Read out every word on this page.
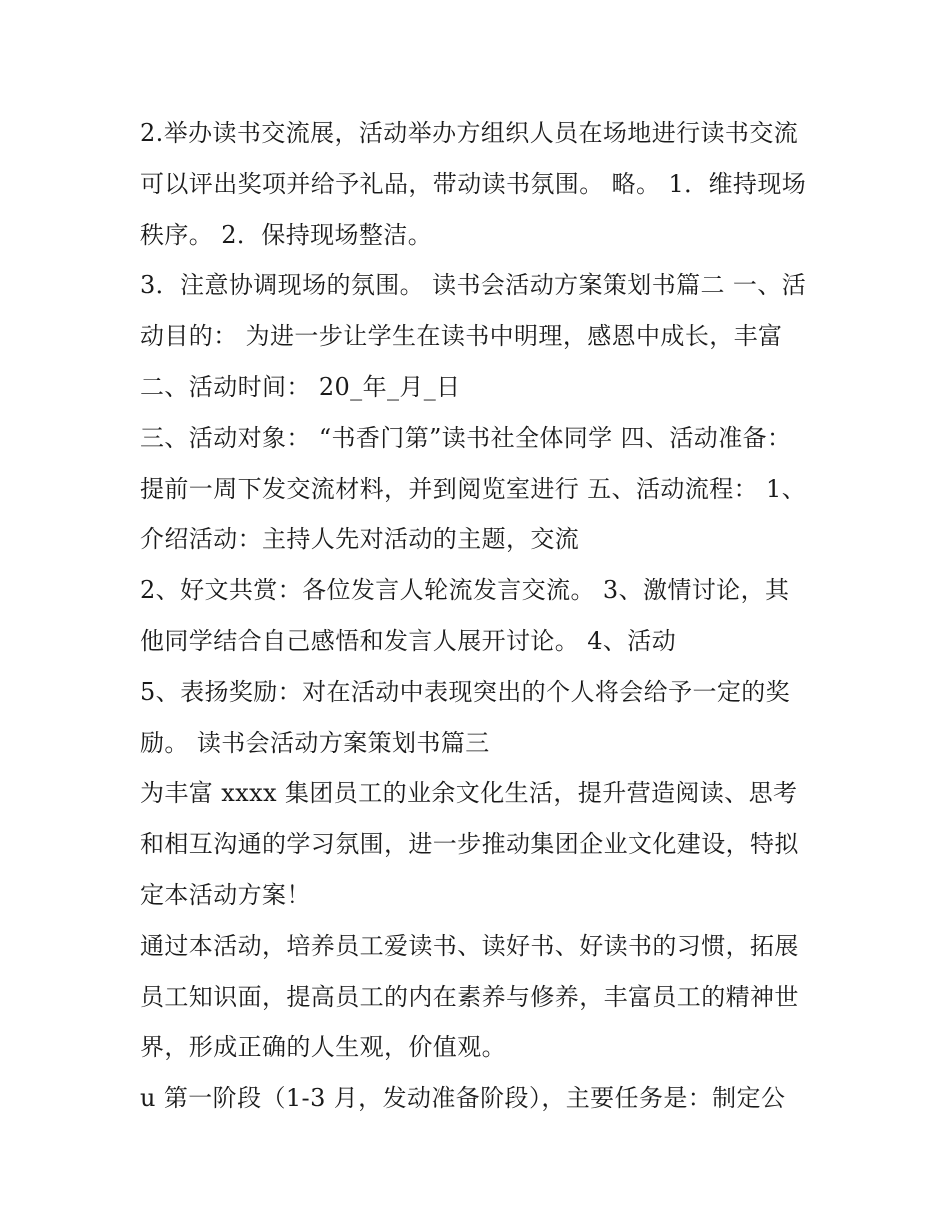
2.举办读书交流展，活动举办方组织人员在场地进行读书交流
可以评出奖项并给予礼品，带动读书氛围。 略。 1．维持现场
秩序。 2．保持现场整洁。
3．注意协调现场的氛围。 读书会活动方案策划书篇二 一、活
动目的： 为进一步让学生在读书中明理，感恩中成长，丰富
二、活动时间： 20_年_月_日
三、活动对象： “书香门第”读书社全体同学 四、活动准备：
提前一周下发交流材料，并到阅览室进行 五、活动流程： 1、
介绍活动：主持人先对活动的主题，交流
2、好文共赏：各位发言人轮流发言交流。 3、激情讨论，其
他同学结合自己感悟和发言人展开讨论。 4、活动
5、表扬奖励：对在活动中表现突出的个人将会给予一定的奖
励。 读书会活动方案策划书篇三
为丰富 xxxx 集团员工的业余文化生活，提升营造阅读、思考
和相互沟通的学习氛围，进一步推动集团企业文化建设，特拟
定本活动方案！
通过本活动，培养员工爱读书、读好书、好读书的习惯，拓展
员工知识面，提高员工的内在素养与修养，丰富员工的精神世
界，形成正确的人生观，价值观。
u 第一阶段（1-3 月，发动准备阶段），主要任务是：制定公
